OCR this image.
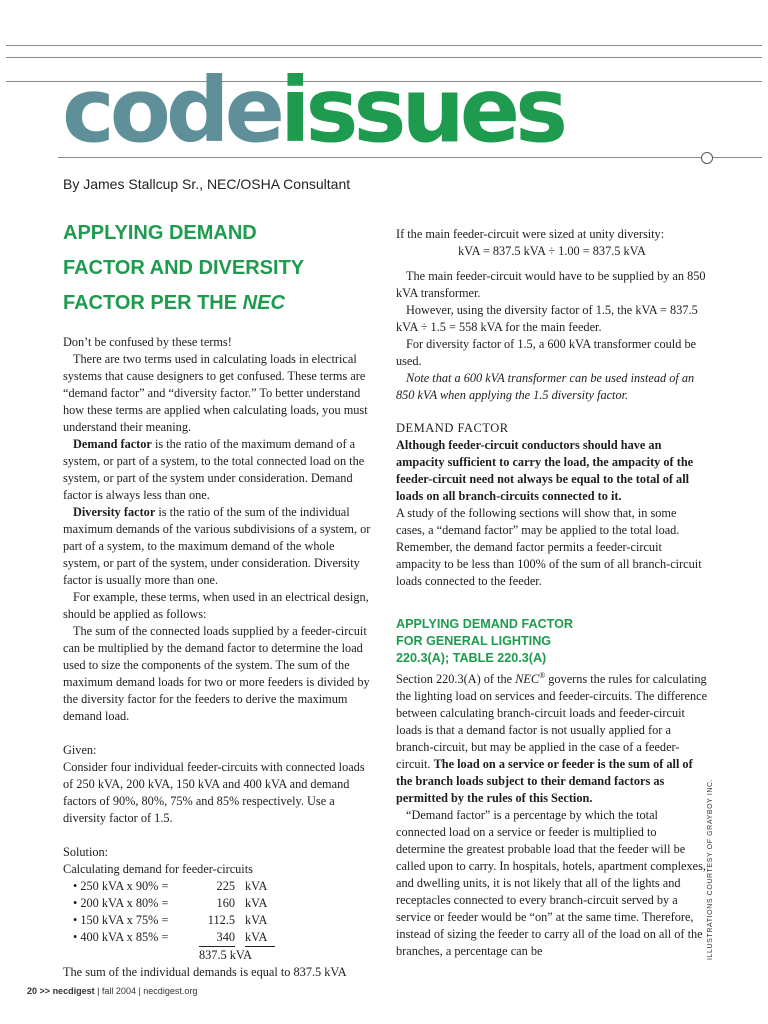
codeissues
By James Stallcup Sr., NEC/OSHA Consultant
APPLYING DEMAND
FACTOR AND DIVERSITY
FACTOR PER THE NEC

Don’t be confused by these terms!

There are two terms used in calculating loads in electrical systems that cause designers to get confused. These terms are “demand factor” and “diversity factor.” To better understand how these terms are applied when calculating loads, you must understand their meaning.

Demand factor is the ratio of the maximum demand of a system, or part of a system, to the total connected load on the system, or part of the system under consideration. Demand factor is always less than one.

Diversity factor is the ratio of the sum of the individual maximum demands of the various subdivisions of a system, or part of a system, to the maximum demand of the whole system, or part of the system, under consideration. Diversity factor is usually more than one.

For example, these terms, when used in an electrical design, should be applied as follows:

The sum of the connected loads supplied by a feeder-circuit can be multiplied by the demand factor to determine the load used to size the components of the system. The sum of the maximum demand loads for two or more feeders is divided by the diversity factor for the feeders to derive the maximum demand load.

Given:

Consider four individual feeder-circuits with connected loads of 250 kVA, 200 kVA, 150 kVA and 400 kVA and demand factors of 90%, 80%, 75% and 85% respectively. Use a diversity factor of 1.5.

Solution:

Calculating demand for feeder-circuits

• 250 kVA x 90% =	225 kVA
• 200 kVA x 80% =	160 kVA
• 150 kVA x 75% =	112.5 kVA
• 400 kVA x 85% =	340 kVA
837.5 kVA

The sum of the individual demands is equal to 837.5 kVA

If the main feeder-circuit were sized at unity diversity:

kVA = 837.5 kVA ÷ 1.00 = 837.5 kVA

The main feeder-circuit would have to be supplied by an 850 kVA transformer.

However, using the diversity factor of 1.5, the kVA = 837.5 kVA ÷ 1.5 = 558 kVA for the main feeder.

For diversity factor of 1.5, a 600 kVA transformer could be used.

Note that a 600 kVA transformer can be used instead of an 850 kVA when applying the 1.5 diversity factor.

DEMAND FACTOR

Although feeder-circuit conductors should have an ampacity sufficient to carry the load, the ampacity of the feeder-circuit need not always be equal to the total of all loads on all branch-circuits connected to it.

A study of the following sections will show that, in some cases, a “demand factor” may be applied to the total load. Remember, the demand factor permits a feeder-circuit ampacity to be less than 100% of the sum of all branch-circuit loads connected to the feeder.

APPLYING DEMAND FACTOR
FOR GENERAL LIGHTING
220.3(A); TABLE 220.3(A)

Section 220.3(A) of the NEC® governs the rules for calculating the lighting load on services and feeder-circuits. The difference between calculating branch-circuit loads and feeder-circuit loads is that a demand factor is not usually applied for a branch-circuit, but may be applied in the case of a feeder-circuit. The load on a service or feeder is the sum of all of the branch loads subject to their demand factors as permitted by the rules of this Section.

“Demand factor” is a percentage by which the total connected load on a service or feeder is multiplied to determine the greatest probable load that the feeder will be called upon to carry. In hospitals, hotels, apartment complexes, and dwelling units, it is not likely that all of the lights and receptacles connected to every branch-circuit served by a service or feeder would be “on” at the same time. Therefore, instead of sizing the feeder to carry all of the load on all of the branches, a percentage can be	ILLUSTRATIONS COURTESY OF GRAYBOY INC.
20 >> necdigest | fall 2004 | necdigest.org
